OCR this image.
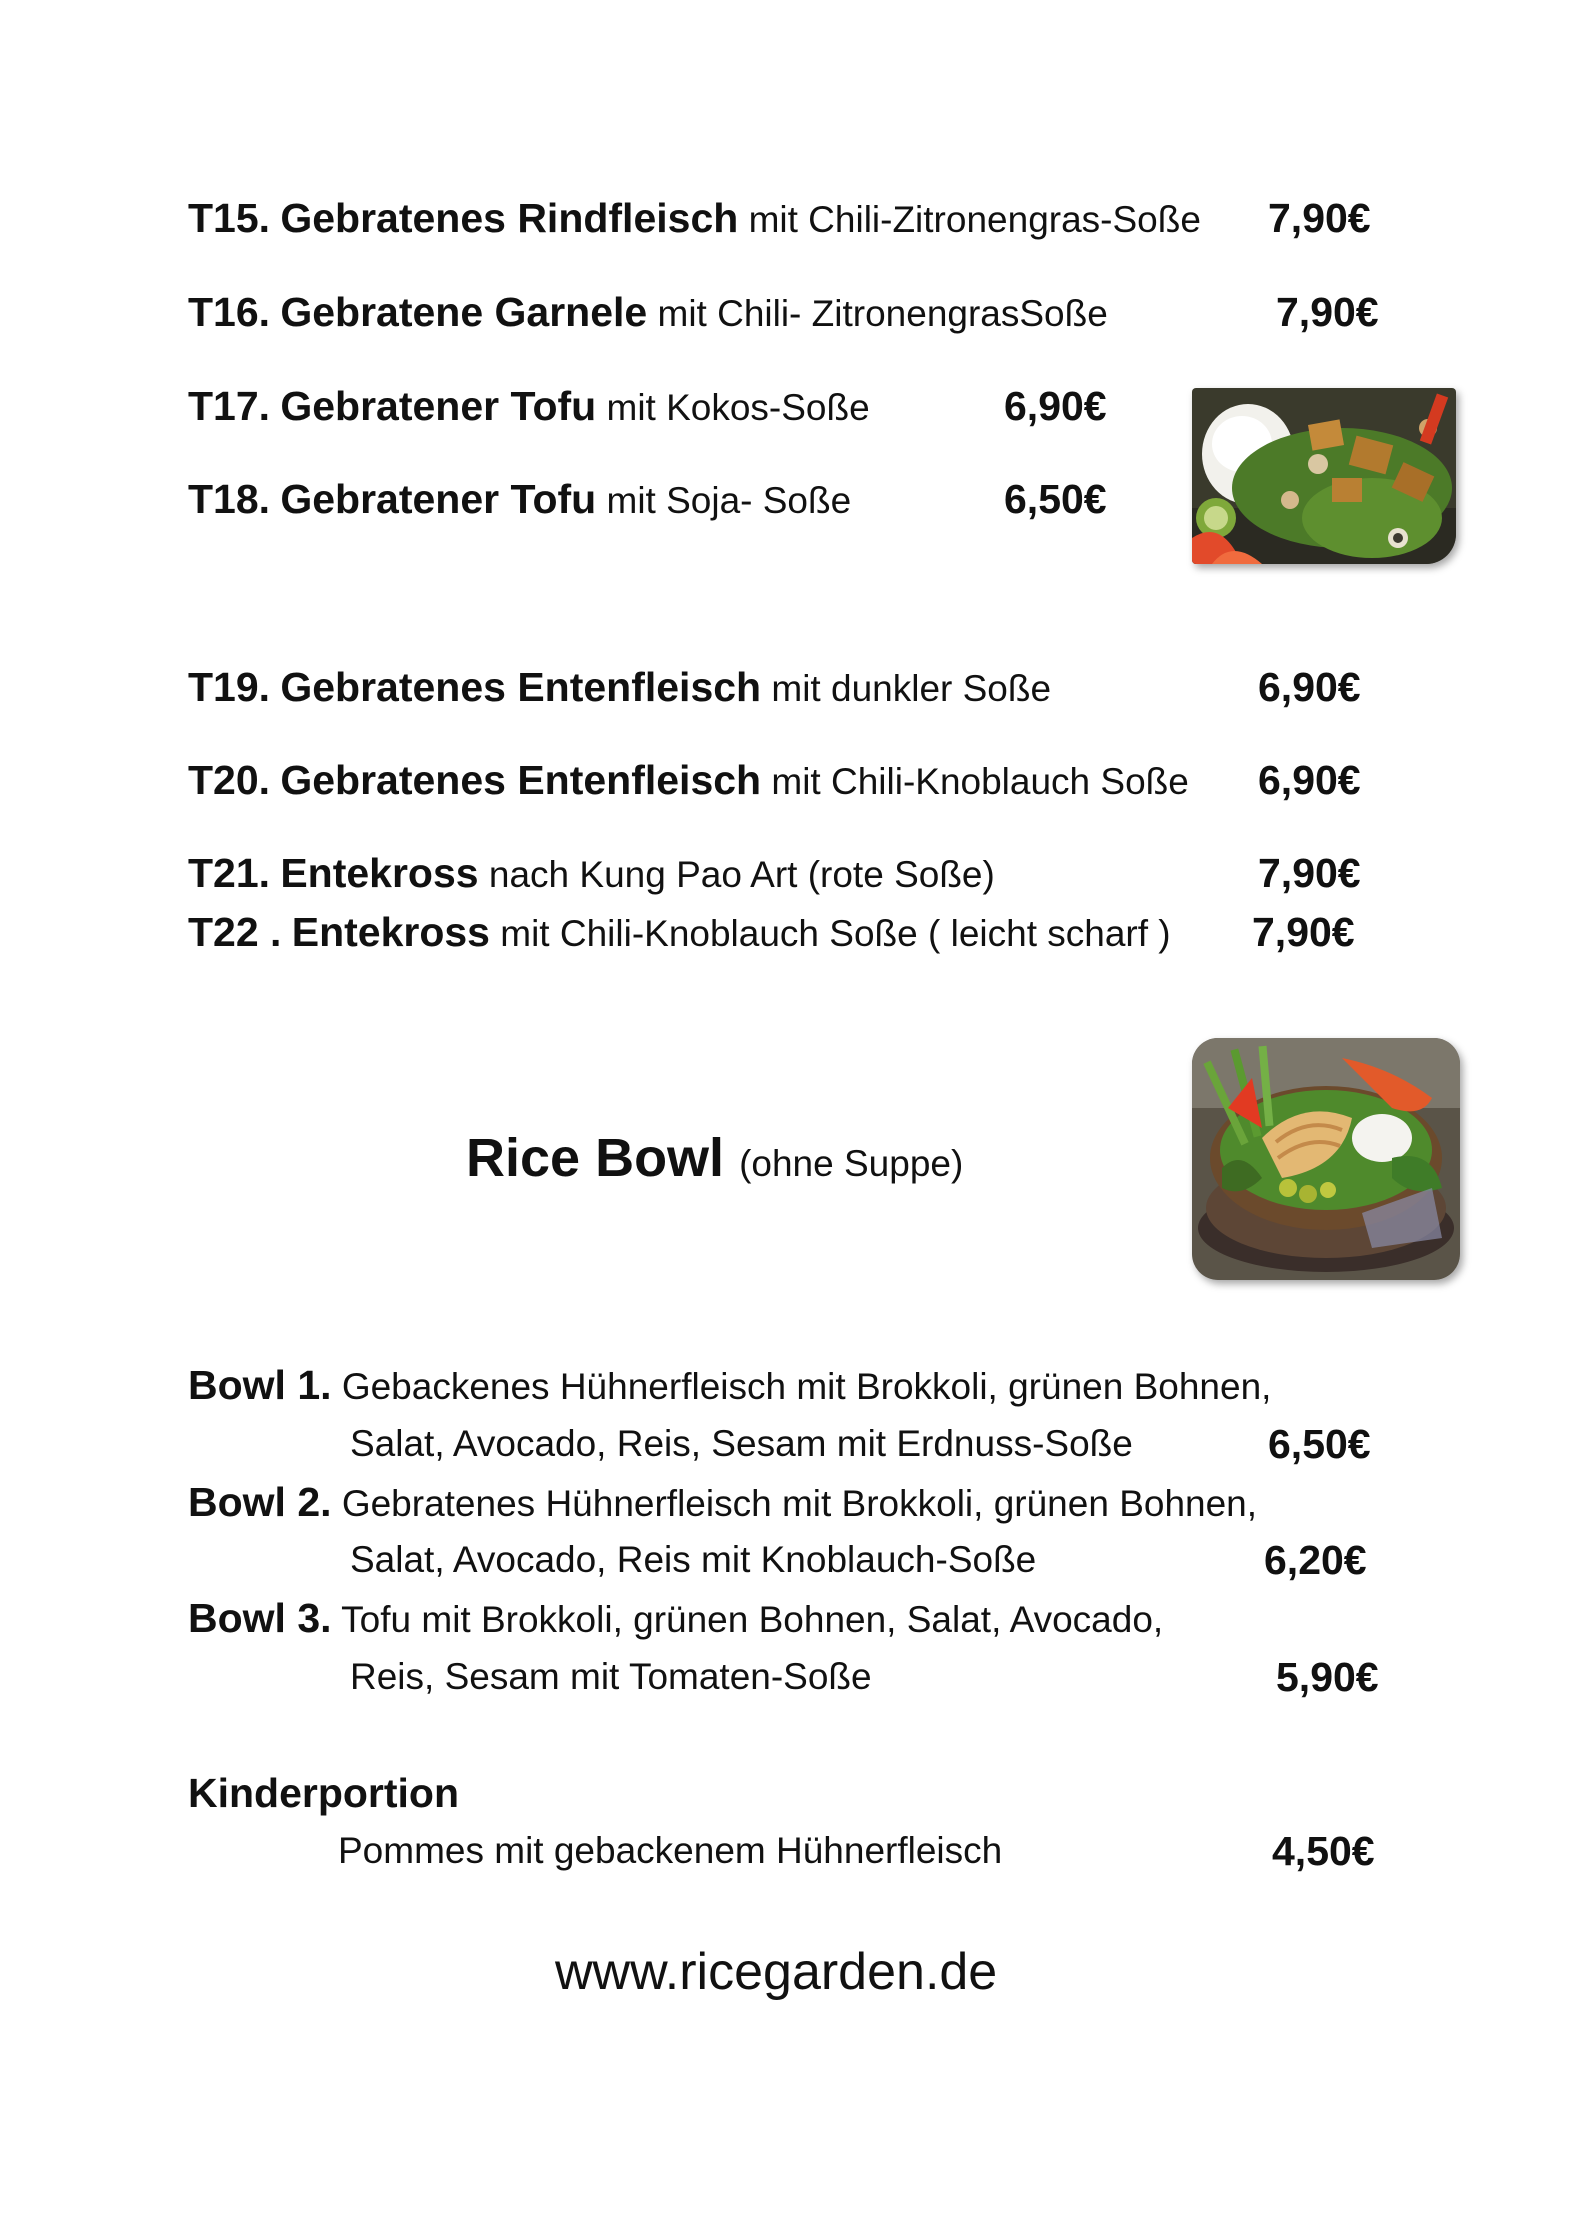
T15. Gebratenes Rindfleisch mit Chili-Zitronengras-Soße 7,90€
T16. Gebratene Garnele mit Chili- ZitronengrasSoße	7,90€
T17. Gebratener Tofu mit Kokos-Soße	6,90€
T18. Gebratener Tofu mit Soja- Soße	6,50€
T19. Gebratenes Entenfleisch mit dunkler Soße	6,90€
T20. Gebratenes Entenfleisch mit Chili-Knoblauch Soße 6,90€
T21. Entekross nach Kung Pao Art (rote Soße)	7,90€
T22 . Entekross mit Chili-Knoblauch Soße ( leicht scharf ) 7,90€
Rice Bowl (ohne Suppe)
Bowl 1. Gebackenes Hühnerfleisch mit Brokkoli, grünen Bohnen,
Salat, Avocado, Reis, Sesam mit Erdnuss-Soße	6,50€
Bowl 2. Gebratenes Hühnerfleisch mit Brokkoli, grünen Bohnen,
Salat, Avocado, Reis mit Knoblauch-Soße	6,20€
Bowl 3. Tofu mit Brokkoli, grünen Bohnen, Salat, Avocado,
Reis, Sesam mit Tomaten-Soße	5,90€
Kinderportion
Pommes mit gebackenem Hühnerfleisch	4,50€
www.ricegarden.de
